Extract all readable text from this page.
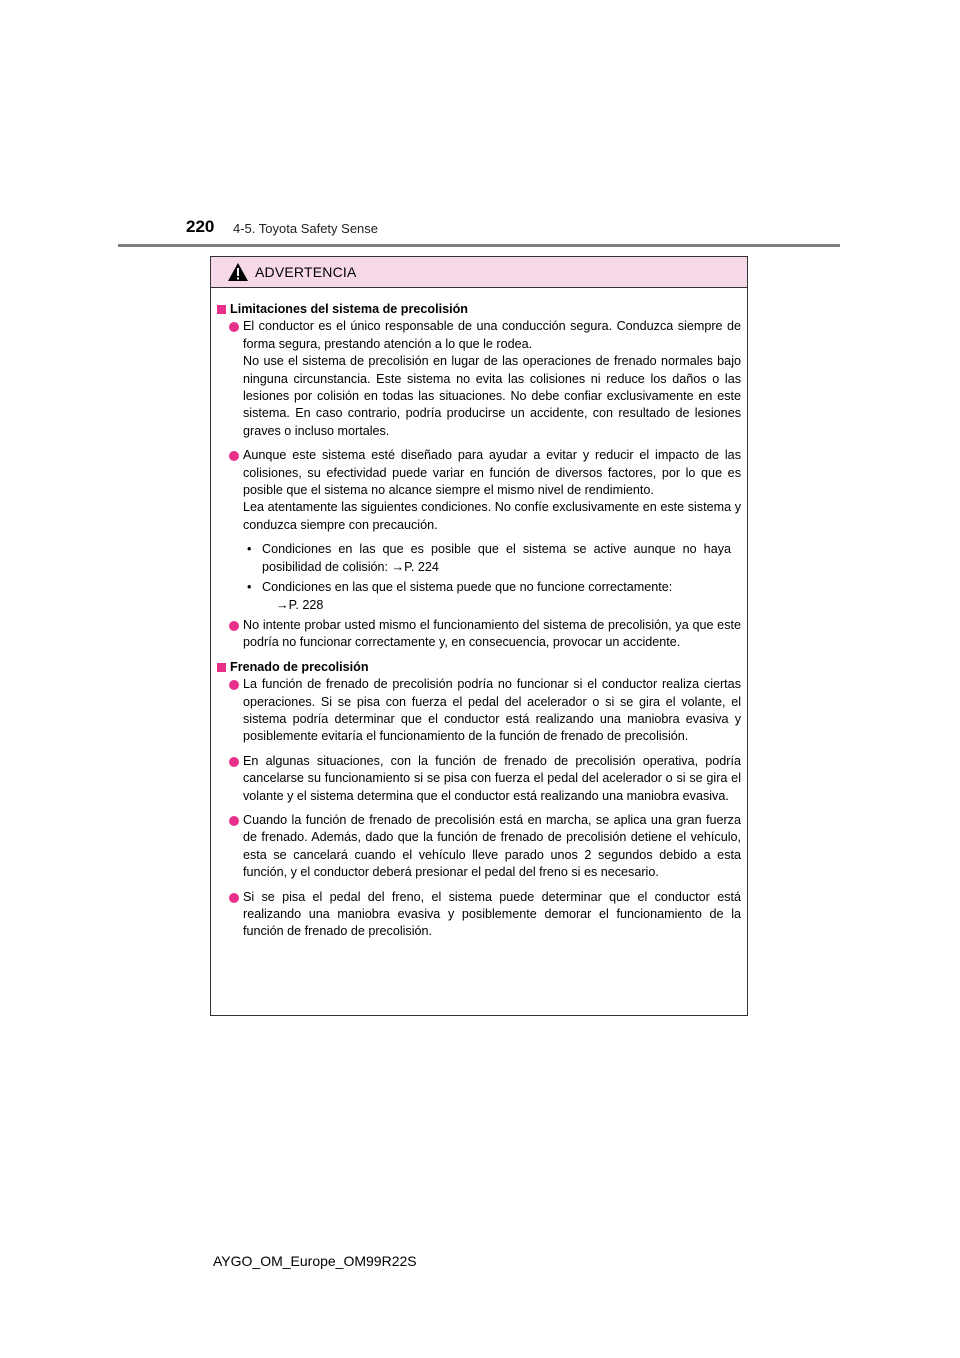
220 4-5. Toyota Safety Sense
ADVERTENCIA
Limitaciones del sistema de precolisión

El conductor es el único responsable de una conducción segura. Conduzca siempre de forma segura, prestando atención a lo que le rodea.

No use el sistema de precolisión en lugar de las operaciones de frenado normales bajo ninguna circunstancia. Este sistema no evita las colisiones ni reduce los daños o las lesiones por colisión en todas las situaciones. No debe confiar exclusivamente en este sistema. En caso contrario, podría producirse un accidente, con resultado de lesiones graves o incluso mortales.

Aunque este sistema esté diseñado para ayudar a evitar y reducir el impacto de las colisiones, su efectividad puede variar en función de diversos factores, por lo que es posible que el sistema no alcance siempre el mismo nivel de rendimiento.

Lea atentamente las siguientes condiciones. No confíe exclusivamente en este sistema y conduzca siempre con precaución.

• Condiciones en las que es posible que el sistema se active aunque no haya posibilidad de colisión: →P. 224

• Condiciones en las que el sistema puede que no funcione correctamente:

→P. 228

No intente probar usted mismo el funcionamiento del sistema de precolisión, ya que este podría no funcionar correctamente y, en consecuencia, provocar un accidente.

Frenado de precolisión

La función de frenado de precolisión podría no funcionar si el conductor realiza ciertas operaciones. Si se pisa con fuerza el pedal del acelerador o si se gira el volante, el sistema podría determinar que el conductor está realizando una maniobra evasiva y posiblemente evitaría el funcionamiento de la función de frenado de precolisión.

En algunas situaciones, con la función de frenado de precolisión operativa, podría cancelarse su funcionamiento si se pisa con fuerza el pedal del acelerador o si se gira el volante y el sistema determina que el conductor está realizando una maniobra evasiva.

Cuando la función de frenado de precolisión está en marcha, se aplica una gran fuerza de frenado. Además, dado que la función de frenado de precolisión detiene el vehículo, esta se cancelará cuando el vehículo lleve parado unos 2 segundos debido a esta función, y el conductor deberá presionar el pedal del freno si es necesario.

Si se pisa el pedal del freno, el sistema puede determinar que el conductor está realizando una maniobra evasiva y posiblemente demorar el funcionamiento de la función de frenado de precolisión.

AYGO_OM_Europe_OM99R22S
